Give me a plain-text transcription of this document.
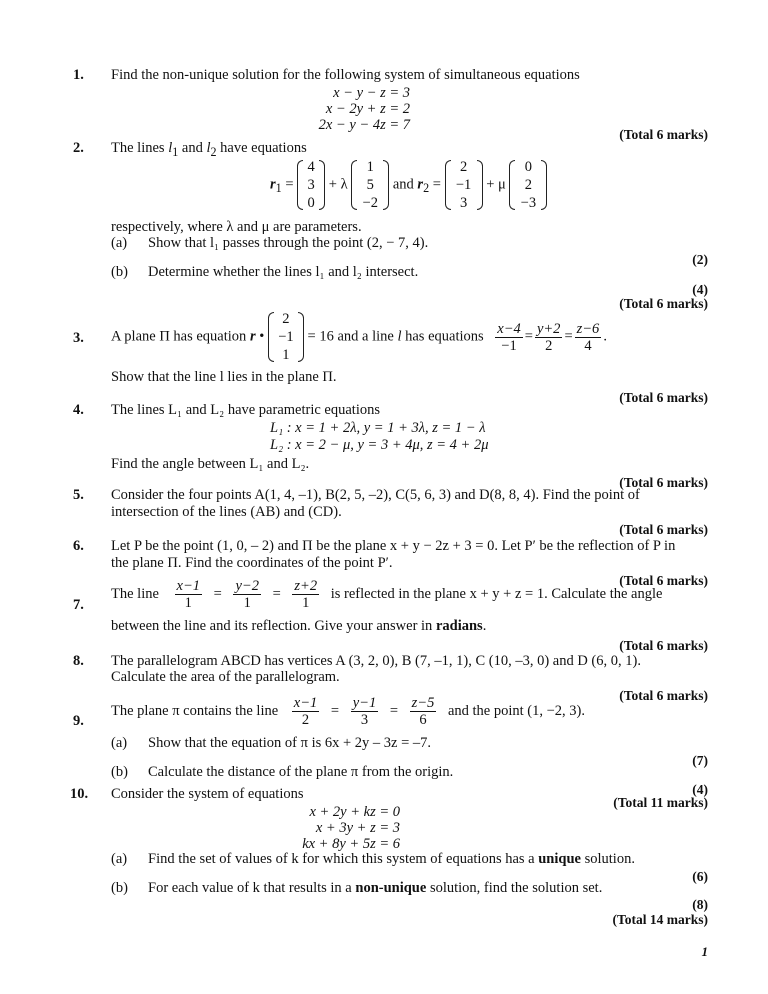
1. Find the non-unique solution for the following system of simultaneous equations
x − y − z = 3
x − 2y + z = 2
2x − y − 4z = 7
(Total 6 marks)
2. The lines $l_1$ and $l_2$ have equations
$r_1$ =
4
3
0
+ λ
1
5
−2
and $r_2$ =
2
−1
3
+ μ
0
2
−3
respectively, where λ and μ are parameters.
(a) Show that l₁ passes through the point (2, − 7, 4).
(2)
(b) Determine whether the lines l₁ and l₂ intersect.
(4)
(Total 6 marks)
3. A plane Π has equation r •
2
−1
1
= 16 and a line l has equations $\frac{x-4}{-1} = \frac{y+2}{2} = \frac{z-6}{4}$ .
Show that the line l lies in the plane Π.
(Total 6 marks)
4. The lines L₁ and L₂ have parametric equations
L₁ : x = 1 + 2λ, y = 1 + 3λ, z = 1 − λ
L₂ : x = 2 − μ, y = 3 + 4μ, z = 4 + 2μ
Find the angle between L₁ and L₂.
(Total 6 marks)
5. Consider the four points A(1, 4, –1), B(2, 5, –2), C(5, 6, 3) and D(8, 8, 4). Find the point of intersection of the lines (AB) and (CD).
(Total 6 marks)
6. Let P be the point (1, 0, – 2) and Π be the plane x + y − 2z + 3 = 0. Let P′ be the reflection of P in the plane Π. Find the coordinates of the point P′.
(Total 6 marks)
7.
The line $\frac{x-1}{1} = \frac{y-2}{1} = \frac{z+2}{1}$ is reflected in the plane x + y + z = 1. Calculate the angle
between the line and its reflection. Give your answer in radians.
(Total 6 marks)
8. The parallelogram ABCD has vertices A (3, 2, 0), B (7, –1, 1), C (10, –3, 0) and D (6, 0, 1).
Calculate the area of the parallelogram.
(Total 6 marks)
9.
The plane π contains the line $\frac{x-1}{2} = \frac{y-1}{3} = \frac{z-5}{6}$ and the point (1, −2, 3).
(a) Show that the equation of π is 6x + 2y – 3z = –7.
(7)
(b) Calculate the distance of the plane π from the origin.
(4)
(Total 11 marks)
10. Consider the system of equations
x + 2y + kz = 0
x + 3y + z = 3
kx + 8y + 5z = 6
(a) Find the set of values of k for which this system of equations has a unique solution.
(6)
(b) For each value of k that results in a non-unique solution, find the solution set.
(8)
(Total 14 marks)
1
